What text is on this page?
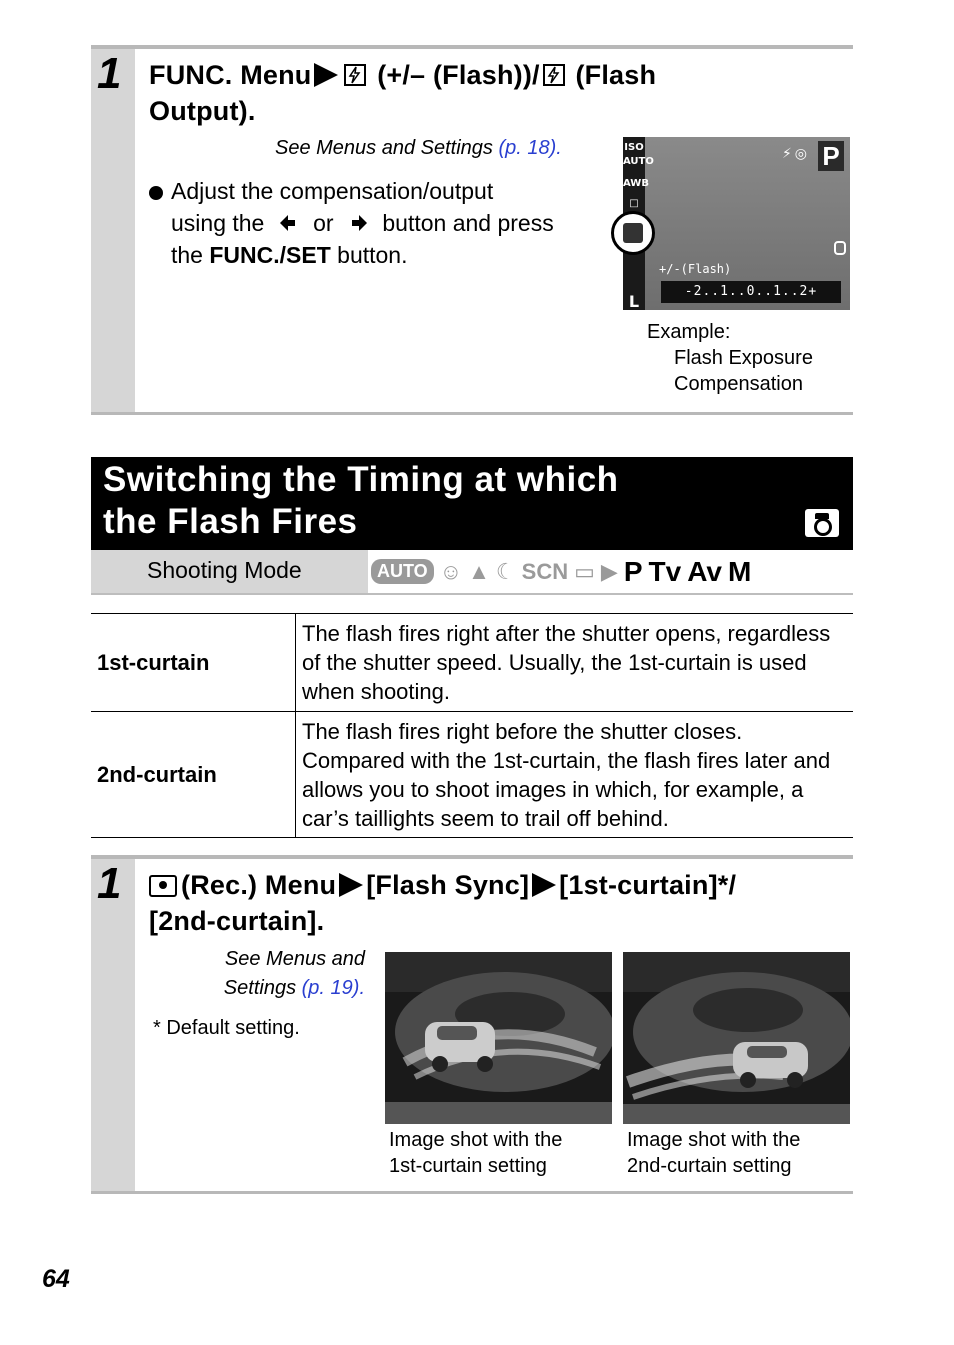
1 FUNC. Menu (+/– (Flash))/ (Flash
Output).
See Menus and Settings (p. 18).
Adjust the compensation/output
using the or button and press
the FUNC./SET button.
ISO
AUTO
AWB
□
L
⚡◎ P
+/-(Flash)
-2..1..0..1..2+
Example:
Flash Exposure
Compensation
Switching the Timing at which
the Flash Fires
Shooting Mode	AUTO ☺ ▲ ☾ SCN ▭ ▶ P Tv Av M
1st-curtain	The flash fires right after the shutter opens, regardless of the shutter speed. Usually, the 1st-curtain is used when shooting.
2nd-curtain	The flash fires right before the shutter closes. Compared with the 1st-curtain, the flash fires later and allows you to shoot images in which, for example, a car’s taillights seem to trail off behind.
1	(Rec.) Menu [Flash Sync] [1st-curtain]*/
[2nd-curtain].
See Menus and
Settings (p. 19).
* Default setting.
Image shot with the
1st-curtain setting
Image shot with the
2nd-curtain setting
64
